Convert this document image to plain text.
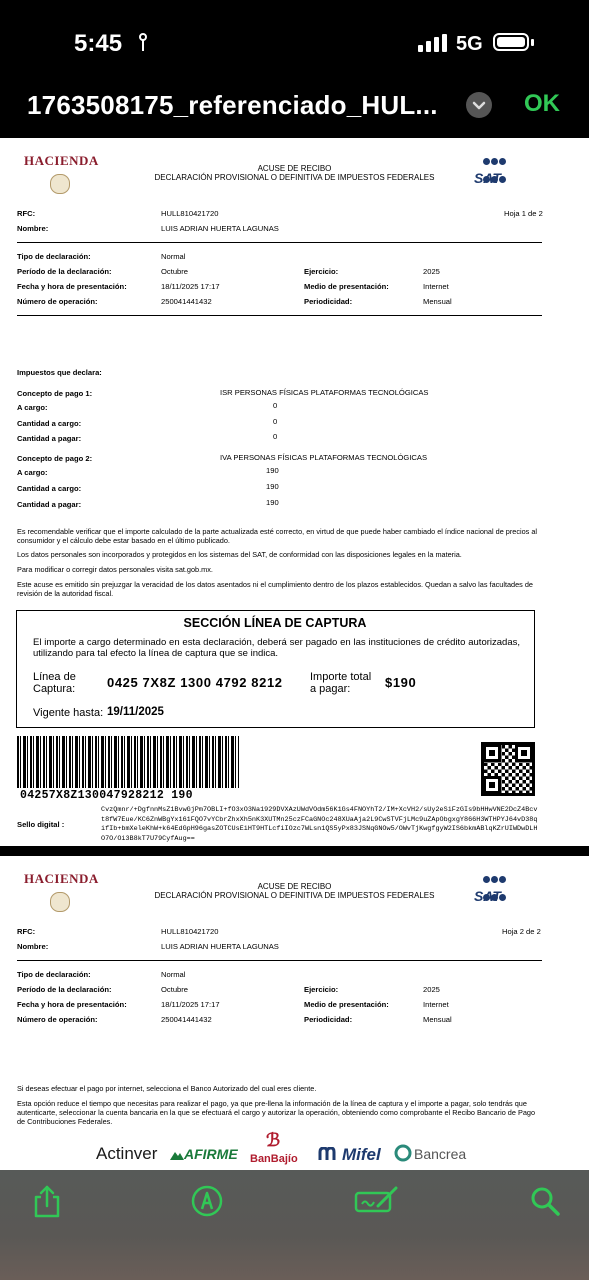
5:45	5G
1763508175_referenciado_HUL...	OK
HACIENDA
ACUSE DE RECIBO
DECLARACIÓN PROVISIONAL O DEFINITIVA DE IMPUESTOS FEDERALES	SAT
RFC:	HULL810421720	Hoja 1 de 2
Nombre:	LUIS ADRIAN HUERTA LAGUNAS
Tipo de declaración:	Normal
Período de la declaración:	Octubre	Ejercicio:	2025
Fecha y hora de presentación:	18/11/2025 17:17	Medio de presentación:	Internet
Número de operación:	250041441432	Periodicidad:	Mensual
Impuestos que declara:
Concepto de pago 1:	ISR PERSONAS FÍSICAS PLATAFORMAS TECNOLÓGICAS
A cargo:	0
Cantidad a cargo:	0
Cantidad a pagar:	0
Concepto de pago 2:	IVA PERSONAS FÍSICAS PLATAFORMAS TECNOLÓGICAS
A cargo:	190
Cantidad a cargo:	190
Cantidad a pagar:	190
Es recomendable verificar que el importe calculado de la parte actualizada esté correcto, en virtud de que puede haber cambiado el índice nacional de precios al consumidor y el cálculo debe estar basado en el último publicado.
Los datos personales son incorporados y protegidos en los sistemas del SAT, de conformidad con las disposiciones legales en la materia.
Para modificar o corregir datos personales visita sat.gob.mx.
Este acuse es emitido sin prejuzgar la veracidad de los datos asentados ni el cumplimiento dentro de los plazos establecidos. Quedan a salvo las facultades de revisión de la autoridad fiscal.
SECCIÓN LÍNEA DE CAPTURA
El importe a cargo determinado en esta declaración, deberá ser pagado en las instituciones de crédito autorizadas, utilizando para tal efecto la línea de captura que se indica.
Línea de
Captura: 0425 7X8Z 1300 4792 8212 Importe total
a pagar:	$190
Vigente hasta: 19/11/2025
04257X8Z130047928212 190
Sello digital :
CvzQmnr/+DgfnnMsZ1BvwGjPm7OBLI+fO3xO3Na1929DVXAzUWdVOdm56K1Gs4FNOYhT2/IM+XcVH2/sUy2eSiFzGIs9bHHwVNE2DcZ4Bcvt8fW7Eue/KC6ZnWBgYx161FQO7vYCbrZhxXh5nK3XUTMn25czFCaGNOc248XUaAja2L9CwSTVFjLMc9uZApObgxgY866H3WTHPYJ64vD38qifIb+bmXeleKhW+k64EdGpH96gasZOTCUsEiHT9HTLcfiIOzc7WLsn1QS5yPx83JSNqGNOw5/OWvTjKwgfgyW2IS6bkmABlqKZrUIWDwDLHO7O/Oi3B8kT7U79CyfAug==
HACIENDA
ACUSE DE RECIBO
DECLARACIÓN PROVISIONAL O DEFINITIVA DE IMPUESTOS FEDERALES	SAT
RFC:	HULL810421720	Hoja 2 de 2
Nombre:	LUIS ADRIAN HUERTA LAGUNAS
Tipo de declaración:	Normal
Período de la declaración:	Octubre	Ejercicio:	2025
Fecha y hora de presentación:	18/11/2025 17:17	Medio de presentación:	Internet
Número de operación:	250041441432	Periodicidad:	Mensual
Si deseas efectuar el pago por internet, selecciona el Banco Autorizado del cual eres cliente.
Esta opción reduce el tiempo que necesitas para realizar el pago, ya que pre-llena la información de la línea de captura y el importe a pagar, solo tendrás que autenticarte, seleccionar la cuenta bancaria en la que se efectuará el cargo y autorizar la operación, obteniendo como comprobante el Recibo Bancario de Pago de Contribuciones Federales.
Actinver AFIRME
ℬ
BanBajío	Mifel Bancrea
